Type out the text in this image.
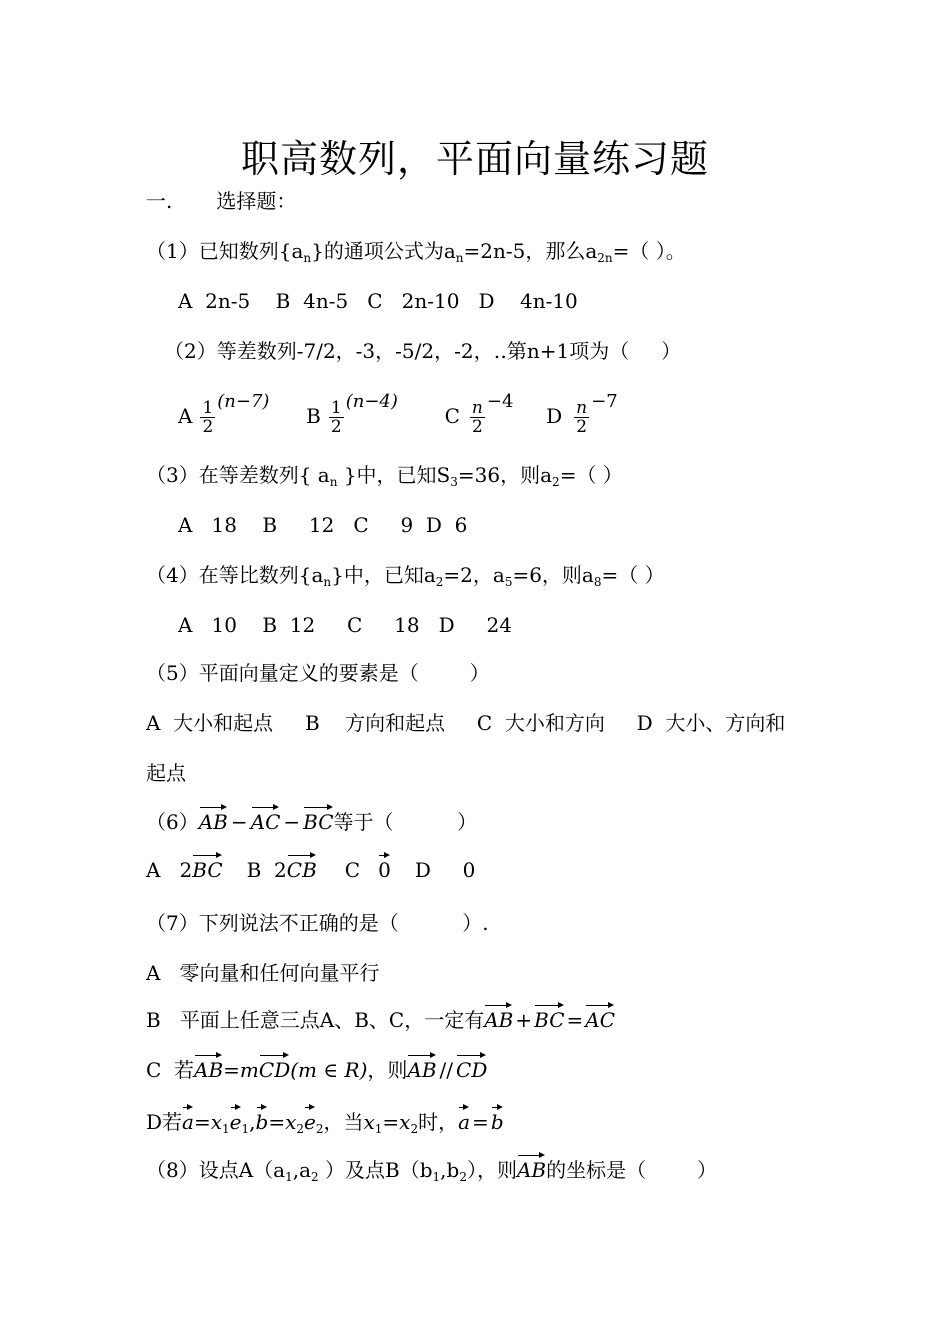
职高数列，平面向量练习题
一. 选择题：
（1）已知数列$\{a_n\}$的通项公式为$a_n=2n-5$，那么$a_{2n}=$（ ）。
A  2n-5    B  4n-5   C   2n-10   D    4n-10
（2）等差数列-7/2，-3，-5/2，-2，‥第n+1项为（     ）
A $\frac{1}{2} (n-7)$

B $\frac{1}{2} (n-4)$

C $\frac{n}{2} -4$

D $\frac{n}{2} -7$
（3）在等差数列{ $a_n$ }中，已知$S_3=36$，则$a_2=$（ ）
A   18    B     12   C     9  D  6
（4）在等比数列$\{a_n\}$中，已知$a_2=2$，$a_5=6$，则$a_8=$（ ）
A   10    B  12     C     18   D     24
（5）平面向量定义的要素是（        ）
A  大小和起点     B    方向和起点     C  大小和方向     D  大小、方向和
起点
（6）AB − AC − BC等于（          ）
A   2BC B  2CB C 0 D     0
（7）下列说法不正确的是（          ）.
A   零向量和任何向量平行
B   平面上任意三点A、B、C，一定有AB + BC = AC
C  若AB=mCD(m ∈ R)，则AB // CD
D若$a=x_1e_1,b=x_2e_2$，当$x_1=x_2$时，a = b
（8）设点$A(a_1,a_2$ ）及点$B(b_1,b_2)$，则AB的坐标是（        ）
